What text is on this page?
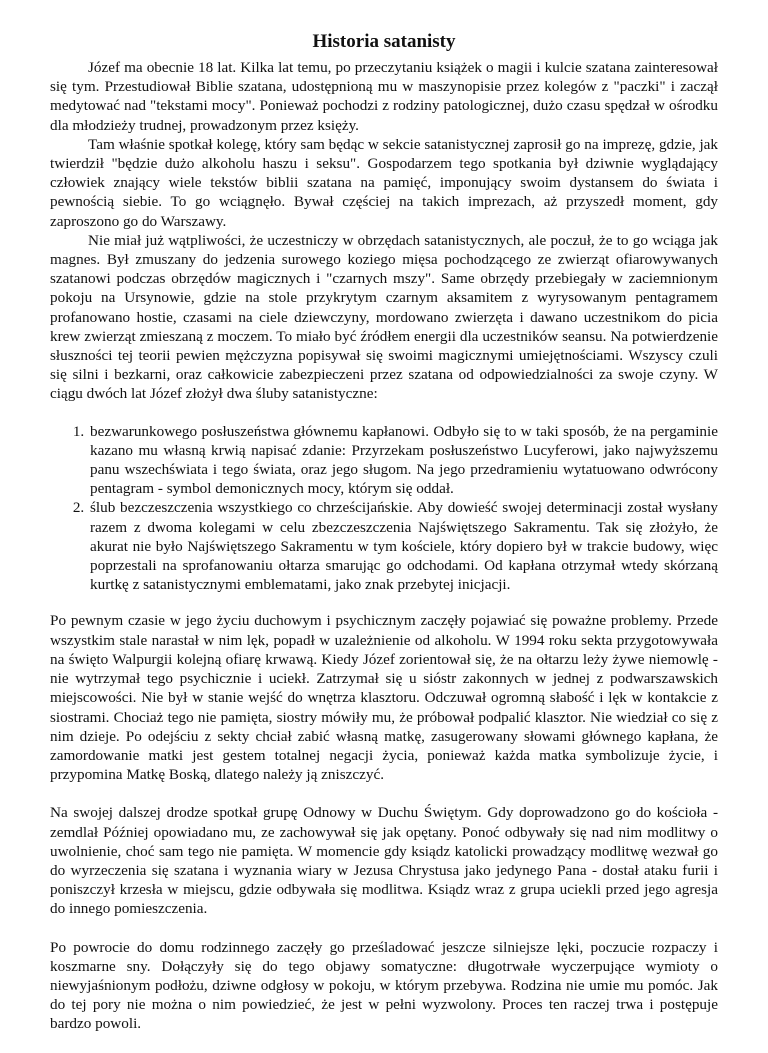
Historia satanisty

Józef ma obecnie 18 lat. Kilka lat temu, po przeczytaniu książek o magii i kulcie szatana zainteresował się tym. Przestudiował Biblie szatana, udostępnioną mu w maszynopisie przez kolegów z "paczki" i zaczął medytować nad "tekstami mocy". Ponieważ pochodzi z rodziny patologicznej, dużo czasu spędzał w ośrodku dla młodzieży trudnej, prowadzonym przez księży.

Tam właśnie spotkał kolegę, który sam będąc w sekcie satanistycznej zaprosił go na imprezę, gdzie, jak twierdził "będzie dużo alkoholu haszu i seksu". Gospodarzem tego spotkania był dziwnie wyglądający człowiek znający wiele tekstów biblii szatana na pamięć, imponujący swoim dystansem do świata i pewnością siebie. To go wciągnęło. Bywał częściej na takich imprezach, aż przyszedł moment, gdy zaproszono go do Warszawy.

Nie miał już wątpliwości, że uczestniczy w obrzędach satanistycznych, ale poczuł, że to go wciąga jak magnes. Był zmuszany do jedzenia surowego koziego mięsa pochodzącego ze zwierząt ofiarowywanych szatanowi podczas obrzędów magicznych i "czarnych mszy". Same obrzędy przebiegały w zaciemnionym pokoju na Ursynowie, gdzie na stole przykrytym czarnym aksamitem z wyrysowanym pentagramem profanowano hostie, czasami na ciele dziewczyny, mordowano zwierzęta i dawano uczestnikom do picia krew zwierząt zmieszaną z moczem. To miało być źródłem energii dla uczestników seansu. Na potwierdzenie słuszności tej teorii pewien mężczyzna popisywał się swoimi magicznymi umiejętnościami. Wszyscy czuli się silni i bezkarni, oraz całkowicie zabezpieczeni przez szatana od odpowiedzialności za swoje czyny. W ciągu dwóch lat Józef złożył dwa śluby satanistyczne:

1. bezwarunkowego posłuszeństwa głównemu kapłanowi. Odbyło się to w taki sposób, że na pergaminie kazano mu własną krwią napisać zdanie: Przyrzekam posłuszeństwo Lucyferowi, jako najwyższemu panu wszechświata i tego świata, oraz jego sługom. Na jego przedramieniu wytatuowano odwrócony pentagram - symbol demonicznych mocy, którym się oddał.
2. ślub bezczeszczenia wszystkiego co chrześcijańskie. Aby dowieść swojej determinacji został wysłany razem z dwoma kolegami w celu zbezczeszczenia Najświętszego Sakramentu. Tak się złożyło, że akurat nie było Najświętszego Sakramentu w tym kościele, który dopiero był w trakcie budowy, więc poprzestali na sprofanowaniu ołtarza smarując go odchodami. Od kapłana otrzymał wtedy skórzaną kurtkę z satanistycznymi emblematami, jako znak przebytej inicjacji.

Po pewnym czasie w jego życiu duchowym i psychicznym zaczęły pojawiać się poważne problemy. Przede wszystkim stale narastał w nim lęk, popadł w uzależnienie od alkoholu. W 1994 roku sekta przygotowywała na święto Walpurgii kolejną ofiarę krwawą. Kiedy Józef zorientował się, że na ołtarzu leży żywe niemowlę - nie wytrzymał tego psychicznie i uciekł. Zatrzymał się u sióstr zakonnych w jednej z podwarszawskich miejscowości. Nie był w stanie wejść do wnętrza klasztoru. Odczuwał ogromną słabość i lęk w kontakcie z siostrami. Chociaż tego nie pamięta, siostry mówiły mu, że próbował podpalić klasztor. Nie wiedział co się z nim dzieje. Po odejściu z sekty chciał zabić własną matkę, zasugerowany słowami głównego kapłana, że zamordowanie matki jest gestem totalnej negacji życia, ponieważ każda matka symbolizuje życie, i przypomina Matkę Boską, dlatego należy ją zniszczyć.

Na swojej dalszej drodze spotkał grupę Odnowy w Duchu Świętym. Gdy doprowadzono go do kościoła - zemdlał Później opowiadano mu, ze zachowywał się jak opętany. Ponoć odbywały się nad nim modlitwy o uwolnienie, choć sam tego nie pamięta. W momencie gdy ksiądz katolicki prowadzący modlitwę wezwał go do wyrzeczenia się szatana i wyznania wiary w Jezusa Chrystusa jako jedynego Pana - dostał ataku furii i poniszczył krzesła w miejscu, gdzie odbywała się modlitwa. Ksiądz wraz z grupa uciekli przed jego agresja do innego pomieszczenia.

Po powrocie do domu rodzinnego zaczęły go prześladować jeszcze silniejsze lęki, poczucie rozpaczy i koszmarne sny. Dołączyły się do tego objawy somatyczne: długotrwałe wyczerpujące wymioty o niewyjaśnionym podłożu, dziwne odgłosy w pokoju, w którym przebywa. Rodzina nie umie mu pomóc. Jak do tej pory nie można o nim powiedzieć, że jest w pełni wyzwolony. Proces ten raczej trwa i postępuje bardzo powoli.
